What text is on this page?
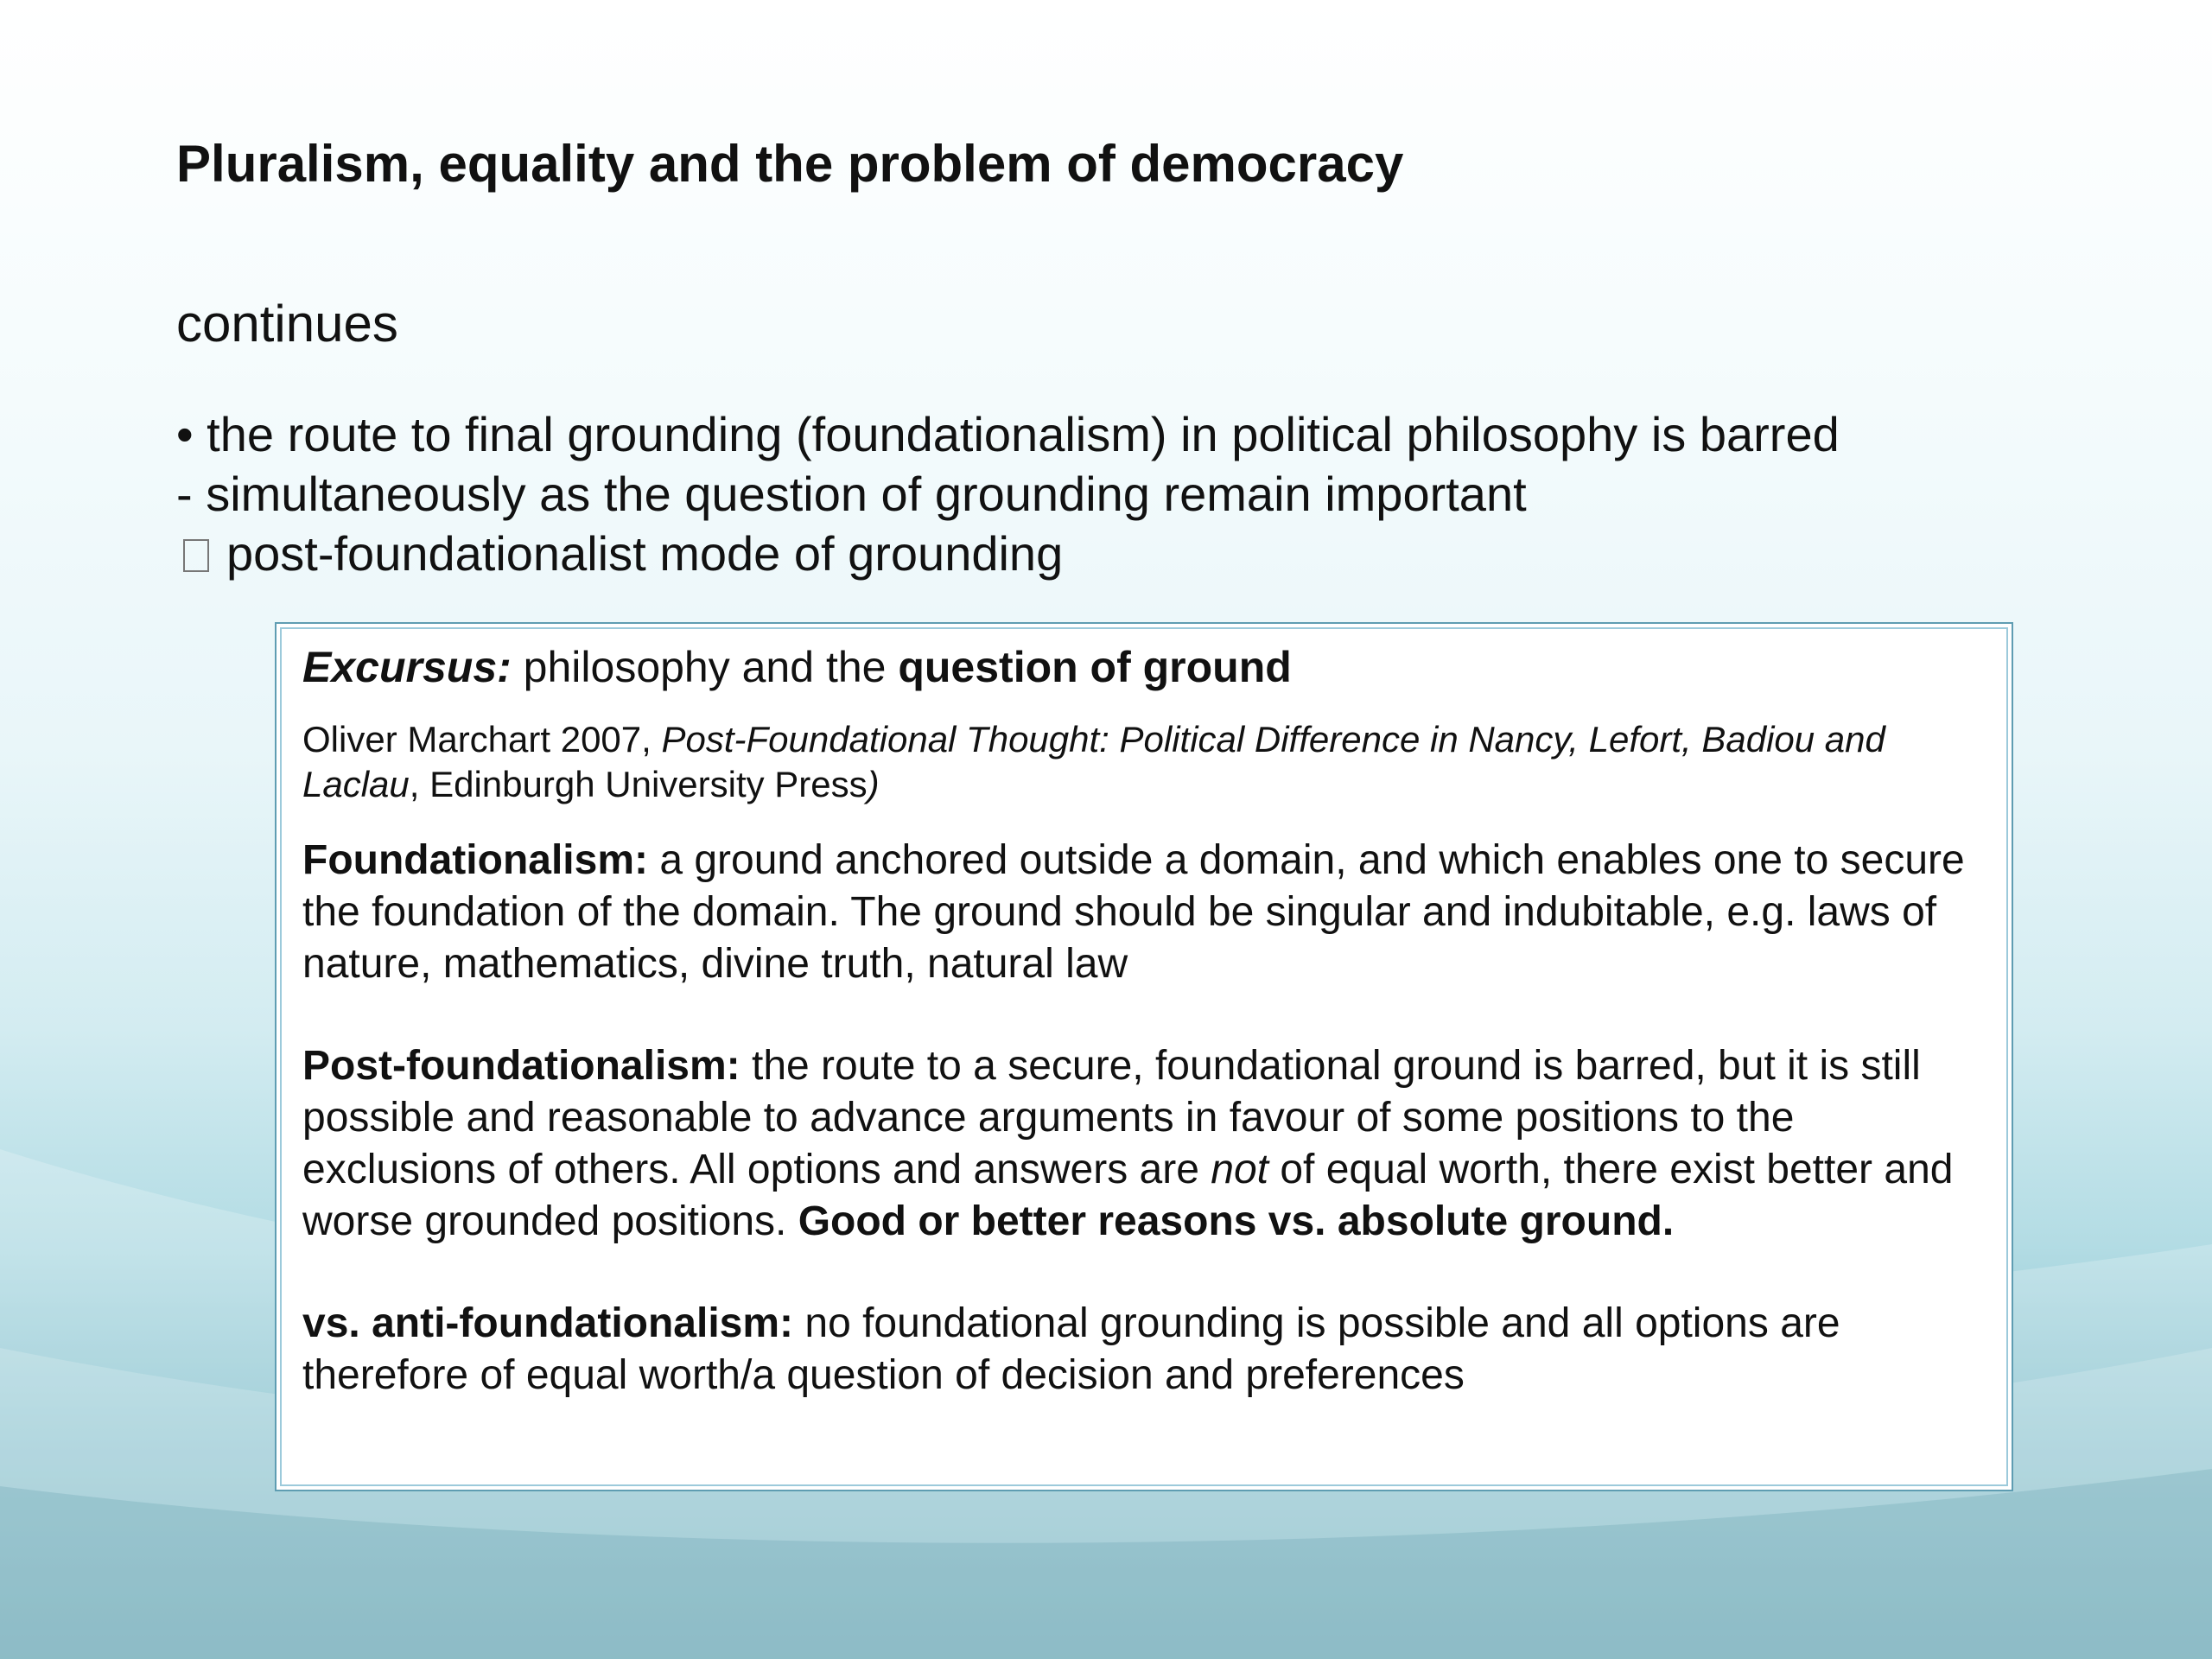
Pluralism, equality and the problem of democracy
continues
• the route to final grounding (foundationalism) in political philosophy is barred
- simultaneously as the question of grounding remain important
post-foundationalist mode of grounding
Excursus: philosophy and the question of ground
Oliver Marchart 2007, Post-Foundational Thought: Political Difference in Nancy, Lefort, Badiou and Laclau, Edinburgh University Press)
Foundationalism: a ground anchored outside a domain, and which enables one to secure the foundation of the domain. The ground should be singular and indubitable, e.g. laws of nature, mathematics, divine truth, natural law
Post-foundationalism: the route to a secure, foundational ground is barred, but it is still possible and reasonable to advance arguments in favour of some positions to the exclusions of others. All options and answers are not of equal worth, there exist better and worse grounded positions. Good or better reasons vs. absolute ground.
vs. anti-foundationalism: no foundational grounding is possible and all options are therefore of equal worth/a question of decision and preferences
